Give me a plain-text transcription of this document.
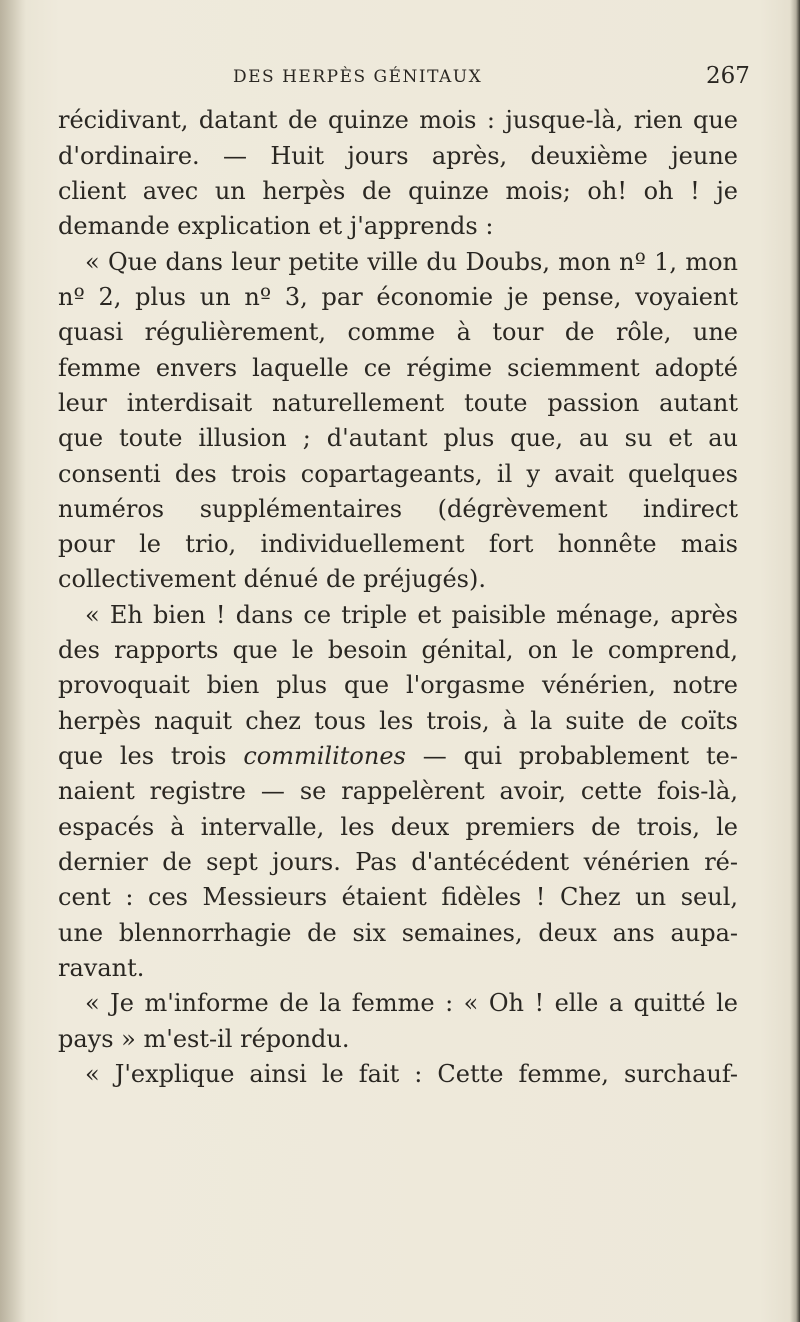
DES HERPÈS GÉNITAUX	267
récidivant, datant de quinze mois : jusque-là, rien que
d'ordinaire. — Huit jours après, deuxième jeune
client avec un herpès de quinze mois; oh! oh ! je
demande explication et j'apprends :
« Que dans leur petite ville du Doubs, mon nº 1, mon
nº 2, plus un nº 3, par économie je pense, voyaient
quasi régulièrement, comme à tour de rôle, une
femme envers laquelle ce régime sciemment adopté
leur interdisait naturellement toute passion autant
que toute illusion ; d'autant plus que, au su et au
consenti des trois copartageants, il y avait quelques
numéros supplémentaires (dégrèvement indirect
pour le trio, individuellement fort honnête mais
collectivement dénué de préjugés).
« Eh bien ! dans ce triple et paisible ménage, après
des rapports que le besoin génital, on le comprend,
provoquait bien plus que l'orgasme vénérien, notre
herpès naquit chez tous les trois, à la suite de coïts
que les trois commilitones — qui probablement te-
naient registre — se rappelèrent avoir, cette fois-là,
espacés à intervalle, les deux premiers de trois, le
dernier de sept jours. Pas d'antécédent vénérien ré-
cent : ces Messieurs étaient fidèles ! Chez un seul,
une blennorrhagie de six semaines, deux ans aupa-
ravant.
« Je m'informe de la femme : « Oh ! elle a quitté le
pays » m'est-il répondu.
« J'explique ainsi le fait : Cette femme, surchauf-
